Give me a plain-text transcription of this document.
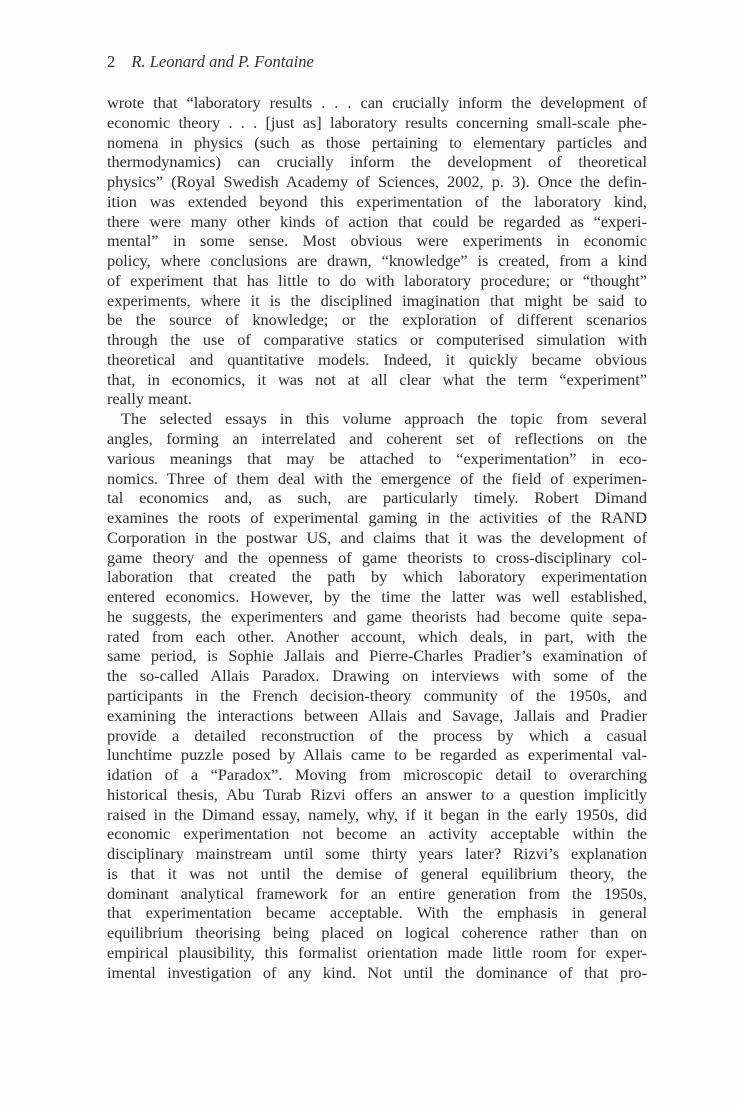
2 R. Leonard and P. Fontaine
wrote that “laboratory results . . . can crucially inform the development of
economic theory . . . [just as] laboratory results concerning small-scale phe-
nomena in physics (such as those pertaining to elementary particles and
thermodynamics) can crucially inform the development of theoretical
physics” (Royal Swedish Academy of Sciences, 2002, p. 3). Once the defin-
ition was extended beyond this experimentation of the laboratory kind,
there were many other kinds of action that could be regarded as “experi-
mental” in some sense. Most obvious were experiments in economic
policy, where conclusions are drawn, “knowledge” is created, from a kind
of experiment that has little to do with laboratory procedure; or “thought”
experiments, where it is the disciplined imagination that might be said to
be the source of knowledge; or the exploration of different scenarios
through the use of comparative statics or computerised simulation with
theoretical and quantitative models. Indeed, it quickly became obvious
that, in economics, it was not at all clear what the term “experiment”
really meant.
The selected essays in this volume approach the topic from several
angles, forming an interrelated and coherent set of reflections on the
various meanings that may be attached to “experimentation” in eco-
nomics. Three of them deal with the emergence of the field of experimen-
tal economics and, as such, are particularly timely. Robert Dimand
examines the roots of experimental gaming in the activities of the RAND
Corporation in the postwar US, and claims that it was the development of
game theory and the openness of game theorists to cross-disciplinary col-
laboration that created the path by which laboratory experimentation
entered economics. However, by the time the latter was well established,
he suggests, the experimenters and game theorists had become quite sepa-
rated from each other. Another account, which deals, in part, with the
same period, is Sophie Jallais and Pierre-Charles Pradier’s examination of
the so-called Allais Paradox. Drawing on interviews with some of the
participants in the French decision-theory community of the 1950s, and
examining the interactions between Allais and Savage, Jallais and Pradier
provide a detailed reconstruction of the process by which a casual
lunchtime puzzle posed by Allais came to be regarded as experimental val-
idation of a “Paradox”. Moving from microscopic detail to overarching
historical thesis, Abu Turab Rizvi offers an answer to a question implicitly
raised in the Dimand essay, namely, why, if it began in the early 1950s, did
economic experimentation not become an activity acceptable within the
disciplinary mainstream until some thirty years later? Rizvi’s explanation
is that it was not until the demise of general equilibrium theory, the
dominant analytical framework for an entire generation from the 1950s,
that experimentation became acceptable. With the emphasis in general
equilibrium theorising being placed on logical coherence rather than on
empirical plausibility, this formalist orientation made little room for exper-
imental investigation of any kind. Not until the dominance of that pro-
